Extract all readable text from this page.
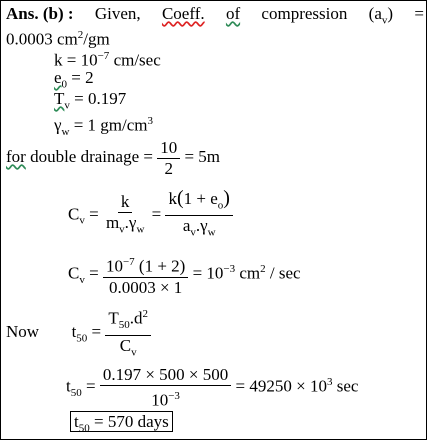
Ans. (b) : Given, Coeff. of compression $(a_v)$ =
0.0003 $cm^2/gm$
$k = 10^{-7}$ cm/sec
$e_0 = 2$
$T_v = 0.197$
$\gamma_w = 1$ $gm/cm^3$
for double drainage = $\frac{10}{2} = 5m$
$C_v = \frac{k}{m_v.\gamma_w} = \frac{k(1 + e_o)}{a_v.\gamma_w}$
$C_v = \frac{10^{-7} (1 + 2)}{0.0003 \times 1} = 10^{-3}$ $cm^2$ / sec
Now $t_{50} = \frac{T_{50}.d^2}{C_v}$
$t_{50} = \frac{0.197 \times 500 \times 500}{10^{-3}} = 49250 \times 10^3$ sec
$t_{50} = 570$ days
